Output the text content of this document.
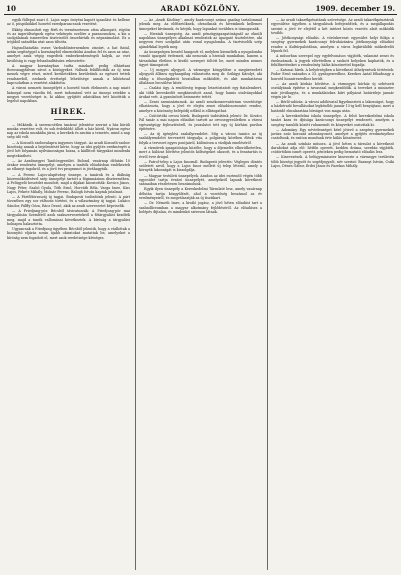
10	ARADI KÖZLÖNY.	1909. december 19.

egyik füllepat zsari ő. Lajos napo öntyéni kapott igazolást és kellene az ő, püspökökkel honvéd ezredparancsnok vezetésé.

Ekkép elmondott egy férfi és természetesen ottm alkonyatt, rögtön és az ingerültségnek egész vekényén ezelőre a parancsnokra, a kis a szolgálatnak ismeretlen tisztviselőt összehívták és népszámolást. Ez a írójából szándéka utat azon tiltotta.

Hajszolhatatlán eseze Varbuddinternemben zinsürt, a hat fiatal, aztán segítséggel a kormányból elmenekülni Aradon fel és azon az utaz, amelyet azuk végig engedtek emberkezdeménydi halyik, az eset kiválóság is vagy felszabadítására rekesztette.

A magyar kormányban tudta mindaztt pedig elhárítani Borosnagyfalvan sávot a közügyeket. Nálunk felállították az új nem menek végre részt, mivel kerületekben kerületünk az egészet tettek rendszerből, ezeknek érettségű lehetősége annak a kihívással kapcsolatban a vezetést alakította.

A városi nemzeti ünnepélyét a honvéd tiszti élelmezés a nap miatt hiánnyal nem vázolta fel, mert tudomásul vett az ünnepi estekbe a megyei vezetőséget is, ki akkor, gyűjtött adatokban tett közöttük a legelső napokban.

HÍREK.

— Műkárák. A szerencsétlen tanáraó jelentése szerint a ház körüli munka vezetése volt, és sok érdeklődő állott a ház körül. Nyáron egész nap az iskola munkába járni, a kerekek és azután a temetés, mind a nap szép idő volt.

— A Kossuth szoboralapra ingyenes tárgyat. Az aradi Kossuth-szobor bizottság annak a bejelentését kérte, hogy az idei gyűjtés eredményét a jövő hét folyamán nyilvánosságra hozza, a kiállított tárgyakat mindenki megtekintheti.

— Az Aradmegyei Tanítóegyesület. Bolond, vasárnap délután 10 órakor rendezési ünnepélyt, amelyen a tanítók előadásban emlékeztek az elhunyt tagokról, és a jövő évi programot is jóváhagyták.

— A Ferenc Lajos-alapítvány ünnepe, a tanárok és a diákság közreműködésével szép ünnepélyt tartott a főgimnázium dísztermében. A Felügyelő beszédet mondott, majd a díjakat kiosztották: Kovács János, Nagy Péter, Szabó Gyula, Tóth Ernő, Horváth Béla, Varga Imre, Kiss Lajos, Fekete Mihály, Molnár Ferenc, Balogh István kaptak jutalmat.

— A Pártfőtörzsszáj új tagjai. Budapesti tudósítónk jelenti: A párt törzsében egy sor változás történt, és a választmány új tagjai: Lukács Sándor, Pálffy Géza, Rácz Dezső, akik az aradi szervezetet képviselik.

— A Friedjung-pör. Bécsből táviratozzák: A Friedjung-pör mai tárgyalásán Szemléről azok szakszervezetekről a főtárgyalást kezdték meg, majd a tanúk vallomásai következtek. A bíróság a tárgyalást holnapra halasztotta.

Ugyancsak a Friedjung ügyében Bécsből jelentik, hogy a vádlottak a bizonyító eljárás során újabb okiratokat mutattak be, amelyeket a bíróság nem fogadott el, mert azok eredetisége kétséges.

— Az „Aradi Közlöny”, amely karácsonyi száma gazdag tartalommal jelenik meg. Az előfizetőknek, olvasóknak és híveinknek kellemes ünnepeket kívánunk, és kérjük, hogy lapunkat továbbra is támogassák.

— Hivatali ünnepség. Az aradi pénzügyigazgatóságnál az elmúlt napokban ünnepélyes alkalmat rendeztek az igazgató tiszteletére, aki negyven éves szolgálat után vonul nyugalomba. A tisztviselők szép ajándékkal lepték meg.

Az ünnepségen beszéd hangzott el, melyben kiemelték a nyugalomba vonuló igazgató érdemeit, aki nemcsak a hivatali munkában, hanem a társadalmi életben is kiváló szerepet töltött be, mert minden nemes ügyet támogatott.

— Uj megyei aljegyző. A vármegye közgyűlése a megüresedett aljegyzői állásra egyhangúlag választotta meg dr. Szilágyi Károlyt, aki eddig a főszolgabírói hivatalban működött, és akit munkatársai általános becsülése kísér.

— Csalási ügy. A rendőrség tegnap letartóztatott egy fiatalembert, aki több kereskedőt megkárosított azzal, hogy hamis utalványokkal árukat vett. A gyanúsított beismerte tettét.

— Zenei szemináriumok. Az aradi zenekonzervatórium vezetősége elhatározta, hogy a jövő év elején zenei előadássorozatot rendez, amelyre a közönség belépődíj nélkül is ellátogathat.

— Csütörtöki orvosi hírek. Budapesti tudósítónk jelenti: Dr. Kovács Pál tanár a mai napon előadást tartott az orvosegyesületben a városi egészségügy fejlesztéséről, és javaslatot tett egy új kórházi pavilon építésére.

— Az új igénylési szabályrendelet. Míg a városi tanács az új szabályrendelet tervezetét tárgyalja, a polgárság körében élénk vita folyik a tervezet egyes pontjairól, különösen a vízdíjak emeléséről.

A vízművek igazgatósága közölte, hogy a díjemelés elkerülhetetlen, mert a hálózat bővítése jelentős költségeket okozott, és a fenntartás is évről évre drágul.

— Patrol-telep a Lajos fasornál. Budapesti jelentés: Végleges döntés született arról, hogy a Lajos fasor mellett új telep létesül, amely a környék lakosságát is kiszolgálja.

— Magyar testületi ünnepélyek. Aradon az idei esztendő végén több egyesület tartja évzáró ünnepélyét, amelyekről lapunk következő számaiban részletesen beszámolunk.

Egyik ilyen ünnepély a Kereskedelmi Társulaté lesz, amely vasárnap délután tartja közgyűlését, ahol a vezetőség beszámol az év eredményeiről, és megválasztják az új tisztikart.

— Dr. Németh Imre, a kiváló jogász, a jövő héten előadást tart a szabadlíceumban a magyar alkotmány fejlődéséről. Az előadásra a belépés díjtalan, és mindenkit szívesen látnak.

— Az aradi takarékpénztárak szövetsége. Az aradi takarékpénztárak egyesülése ügyében a tárgyalások befejeződtek, és a megállapodás szerint a jövő év elejétől a két intézet közös vezetés alatt működik tovább.

— Jótékonysági előadás. A vöröskereszt egyesület helyi fiókja a szegény gyermekek karácsonyi felruházására jótékonysági előadást rendez a Kultúrpalotában, amelyen a város legkiválóbb műkedvelői lépnek fel.

A műsorban szerepel egy egyfelvonásos vígjáték, valamint zenei és énekszámok. A jegyek elővételben a szokott helyeken kaphatók, és a felülfizetéseket a rendezőség hálás köszönettel fogadja.

— Katonai hírek. A helyőrségben a következő áthelyezések történtek: Fodor Ernő százados a 33. gyalogezredhez, Kerekes Antal főhadnagy a honvéd huszárezredhez került.

— Az aradi kórház bővítése. A vármegyei kórház új sebészeti osztályának építése a tavasszal megkezdődik. A terveket a miniszter már jóváhagyta, és a munkálatokra kiírt pályázat határideje január végén jár le.

— Bérlő-adózás. A városi adóhivatal figyelmezteti a lakosságot, hogy a házbéradó bevallásokat legkésőbb január 15-ig kell benyújtani, mert a határidő elmulasztása bírságot von maga után.

— A kereskedelmi iskola ünnepélye. A felső kereskedelmi iskola tanári kara és ifjúsága karácsonyi ünnepélyt rendezett, amelyen a szegény tanulók között ruhaneműt és könyveket osztottak ki.

— Adomány. Egy névtelenséget kérő jótevő a szegény gyermekek javára száz koronát adományozott, amelyet a gyűjtés eredményéhez csatoltunk, és ezúton mondunk érte hálás köszönetet.

— Az aradi színház műsora. A jövő héten a társulat a következő darabokat adja elő: hétfőn operett, kedden dráma, szerdán vígjáték, csütörtökön ismét operett, pénteken pedig bemutató előadás lesz.

— Kinevezések. A belügyminiszter kinevezte a vármegye területén több községi jegyzőt és segédjegyzőt, név szerint: Baranyi István, Csiki Lajos, Dénes Gábor, Erdei János és Fazekas Mihály.
